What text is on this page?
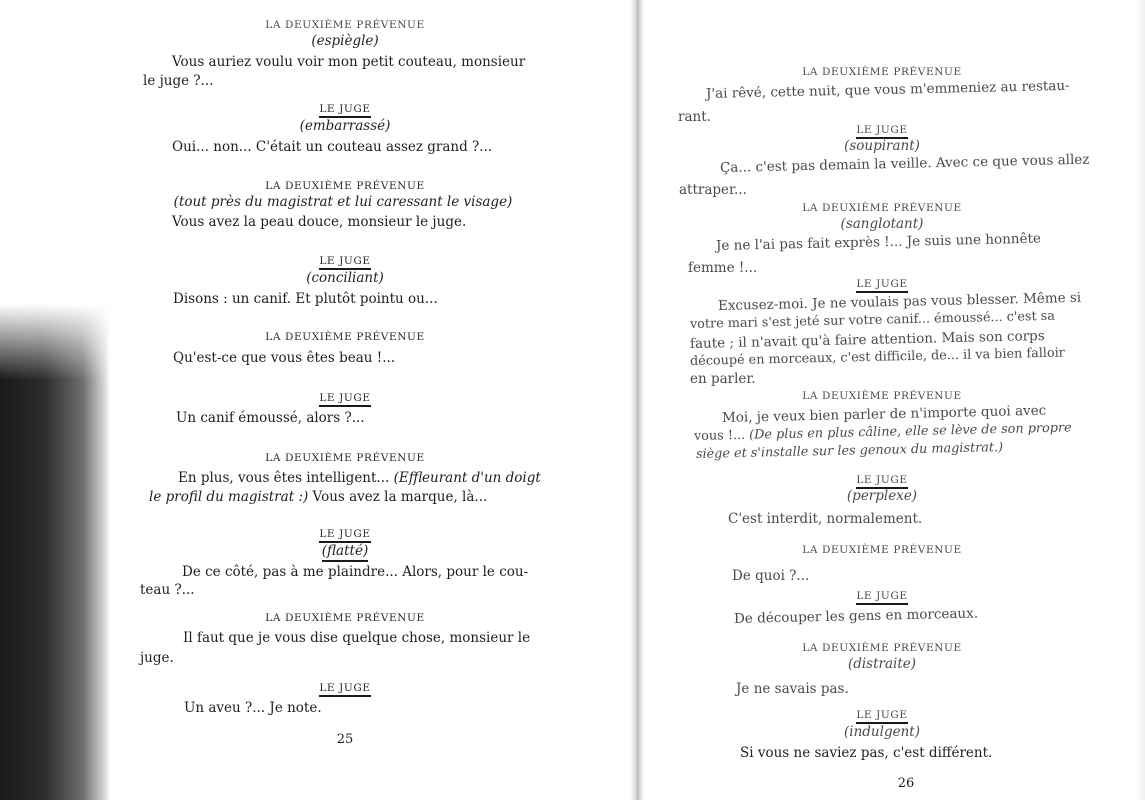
LA DEUXIÈME PRÉVENUE
(espiègle)
Vous auriez voulu voir mon petit couteau, monsieur
le juge ?...
LE JUGE
(embarrassé)
Oui... non... C'était un couteau assez grand ?...
LA DEUXIÈME PRÉVENUE
(tout près du magistrat et lui caressant le visage)
Vous avez la peau douce, monsieur le juge.
LE JUGE
(conciliant)
Disons : un canif. Et plutôt pointu ou...
LA DEUXIÈME PRÉVENUE
Qu'est-ce que vous êtes beau !...
LE JUGE
Un canif émoussé, alors ?...
LA DEUXIÈME PRÉVENUE
En plus, vous êtes intelligent... (Effleurant d'un doigt
le profil du magistrat :) Vous avez la marque, là...
LE JUGE
(flatté)
De ce côté, pas à me plaindre... Alors, pour le cou-
teau ?...
LA DEUXIÈME PRÉVENUE
Il faut que je vous dise quelque chose, monsieur le
juge.
LE JUGE
Un aveu ?... Je note.
25
LA DEUXIÈME PRÉVENUE
J'ai rêvé, cette nuit, que vous m'emmeniez au restau-
rant.
LE JUGE
(soupirant)
Ça... c'est pas demain la veille. Avec ce que vous allez
attraper...
LA DEUXIÈME PRÉVENUE
(sanglotant)
Je ne l'ai pas fait exprès !... Je suis une honnête
femme !...
LE JUGE
Excusez-moi. Je ne voulais pas vous blesser. Même si
votre mari s'est jeté sur votre canif... émoussé... c'est sa
faute ; il n'avait qu'à faire attention. Mais son corps
découpé en morceaux, c'est difficile, de... il va bien falloir
en parler.
LA DEUXIÈME PRÉVENUE
Moi, je veux bien parler de n'importe quoi avec
vous !... (De plus en plus câline, elle se lève de son propre
siège et s'installe sur les genoux du magistrat.)
LE JUGE
(perplexe)
C'est interdit, normalement.
LA DEUXIÈME PRÉVENUE
De quoi ?...
LE JUGE
De découper les gens en morceaux.
LA DEUXIÈME PRÉVENUE
(distraite)
Je ne savais pas.
LE JUGE
(indulgent)
Si vous ne saviez pas, c'est différent.
26
